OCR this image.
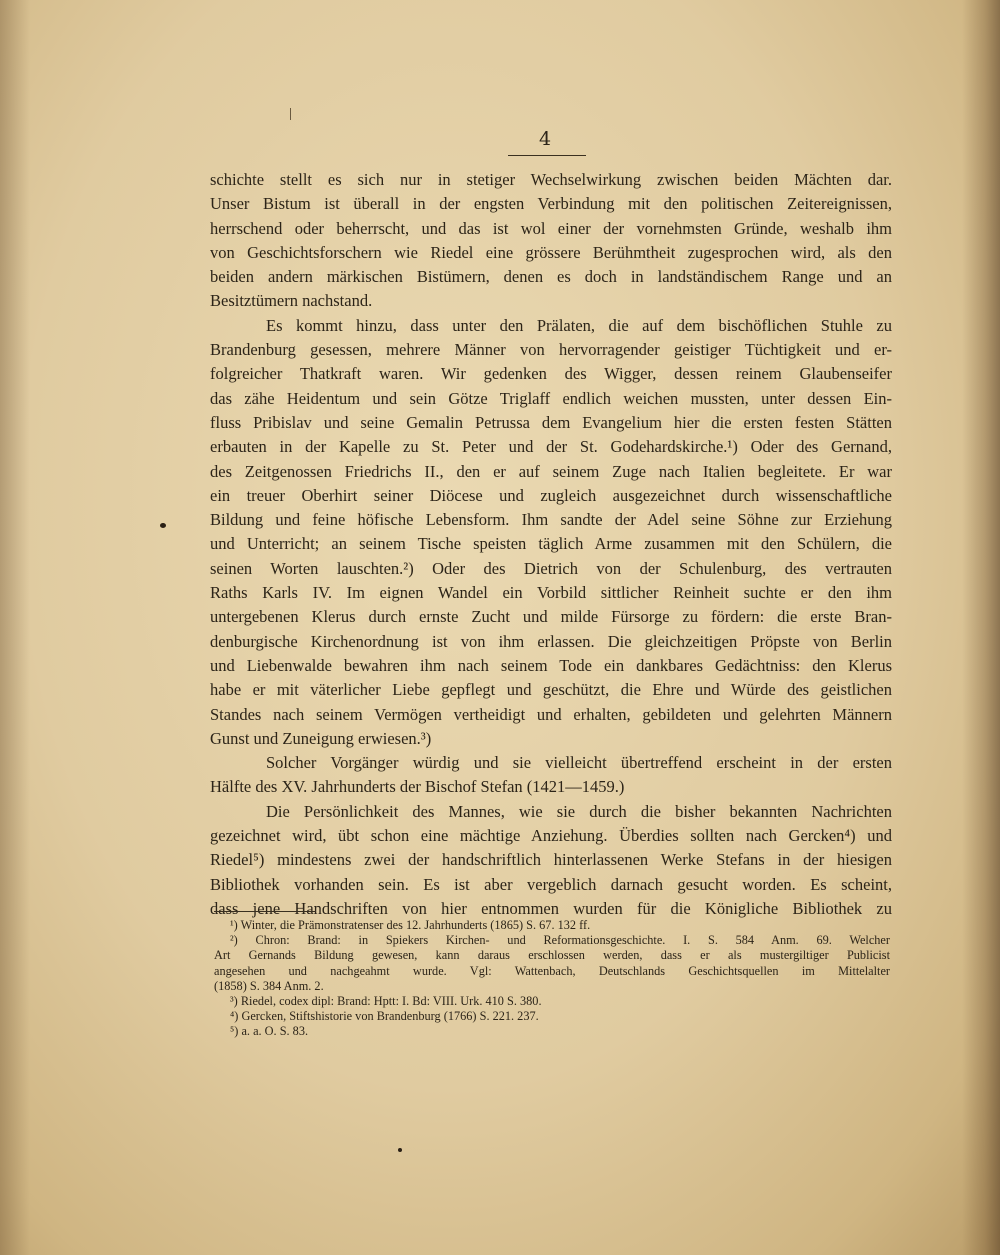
4
schichte stellt es sich nur in stetiger Wechselwirkung zwischen beiden Mächten dar.
Unser Bistum ist überall in der engsten Verbindung mit den politischen Zeitereignissen,
herrschend oder beherrscht, und das ist wol einer der vornehmsten Gründe, weshalb ihm
von Geschichtsforschern wie Riedel eine grössere Berühmtheit zugesprochen wird, als den
beiden andern märkischen Bistümern, denen es doch in landständischem Range und an
Besitztümern nachstand.
Es kommt hinzu, dass unter den Prälaten, die auf dem bischöflichen Stuhle zu
Brandenburg gesessen, mehrere Männer von hervorragender geistiger Tüchtigkeit und er-
folgreicher Thatkraft waren. Wir gedenken des Wigger, dessen reinem Glaubenseifer
das zähe Heidentum und sein Götze Triglaff endlich weichen mussten, unter dessen Ein-
fluss Pribislav und seine Gemalin Petrussa dem Evangelium hier die ersten festen Stätten
erbauten in der Kapelle zu St. Peter und der St. Godehardskirche.¹) Oder des Gernand,
des Zeitgenossen Friedrichs II., den er auf seinem Zuge nach Italien begleitete. Er war
ein treuer Oberhirt seiner Diöcese und zugleich ausgezeichnet durch wissenschaftliche
Bildung und feine höfische Lebensform. Ihm sandte der Adel seine Söhne zur Erziehung
und Unterricht; an seinem Tische speisten täglich Arme zusammen mit den Schülern, die
seinen Worten lauschten.²) Oder des Dietrich von der Schulenburg, des vertrauten
Raths Karls IV. Im eignen Wandel ein Vorbild sittlicher Reinheit suchte er den ihm
untergebenen Klerus durch ernste Zucht und milde Fürsorge zu fördern: die erste Bran-
denburgische Kirchenordnung ist von ihm erlassen. Die gleichzeitigen Pröpste von Berlin
und Liebenwalde bewahren ihm nach seinem Tode ein dankbares Gedächtniss: den Klerus
habe er mit väterlicher Liebe gepflegt und geschützt, die Ehre und Würde des geistlichen
Standes nach seinem Vermögen vertheidigt und erhalten, gebildeten und gelehrten Männern
Gunst und Zuneigung erwiesen.³)
Solcher Vorgänger würdig und sie vielleicht übertreffend erscheint in der ersten
Hälfte des XV. Jahrhunderts der Bischof Stefan (1421—1459.)
Die Persönlichkeit des Mannes, wie sie durch die bisher bekannten Nachrichten
gezeichnet wird, übt schon eine mächtige Anziehung. Überdies sollten nach Gercken⁴) und
Riedel⁵) mindestens zwei der handschriftlich hinterlassenen Werke Stefans in der hiesigen
Bibliothek vorhanden sein. Es ist aber vergeblich darnach gesucht worden. Es scheint,
dass jene Handschriften von hier entnommen wurden für die Königliche Bibliothek zu
¹) Winter, die Prämonstratenser des 12. Jahrhunderts (1865) S. 67. 132 ff.
²) Chron: Brand: in Spiekers Kirchen- und Reformationsgeschichte. I. S. 584 Anm. 69. Welcher
Art Gernands Bildung gewesen, kann daraus erschlossen werden, dass er als mustergiltiger Publicist
angesehen und nachgeahmt wurde. Vgl: Wattenbach, Deutschlands Geschichtsquellen im Mittelalter
(1858) S. 384 Anm. 2.
³) Riedel, codex dipl: Brand: Hptt: I. Bd: VIII. Urk. 410 S. 380.
⁴) Gercken, Stiftshistorie von Brandenburg (1766) S. 221. 237.
⁵) a. a. O. S. 83.
